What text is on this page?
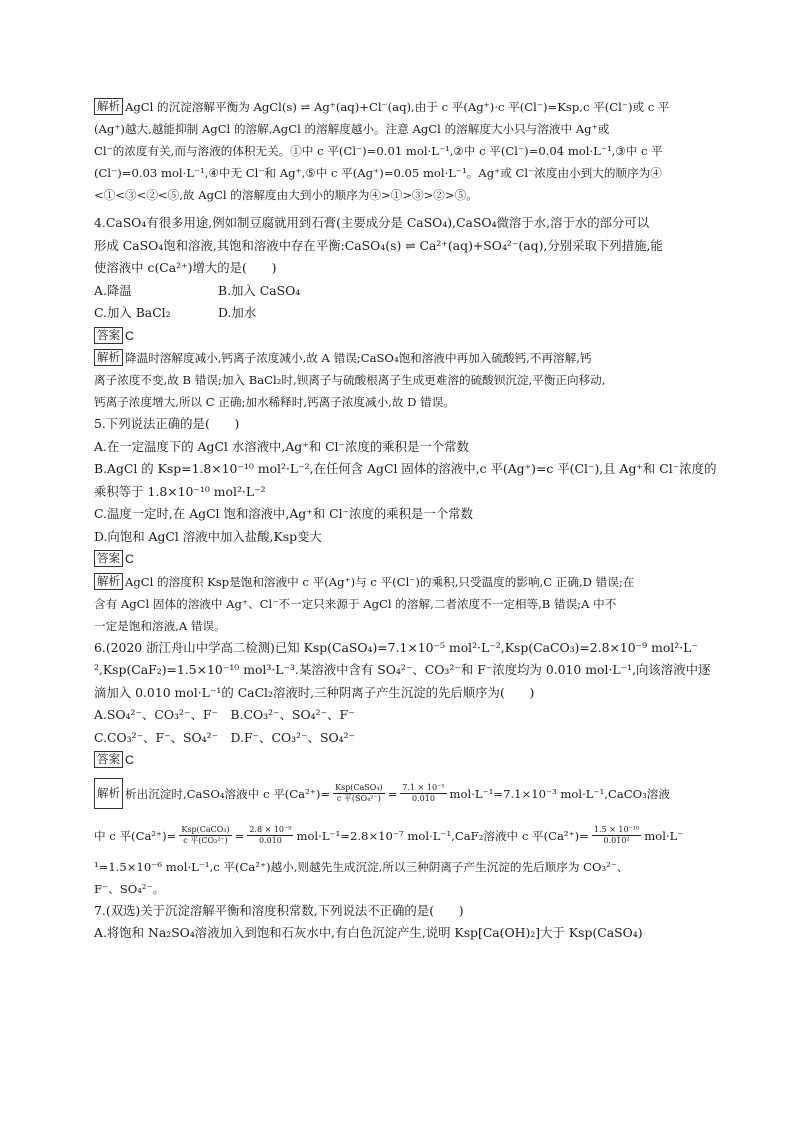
解析 AgCl 的沉淀溶解平衡为 AgCl(s) ⇌ Ag⁺(aq)+Cl⁻(aq),由于 c 平(Ag⁺)·c 平(Cl⁻)=Ksp,c 平(Cl⁻)或 c 平
(Ag⁺)越大,越能抑制 AgCl 的溶解,AgCl 的溶解度越小。注意 AgCl 的溶解度大小只与溶液中 Ag⁺或
Cl⁻的浓度有关,而与溶液的体积无关。①中 c 平(Cl⁻)=0.01 mol·L⁻¹,②中 c 平(Cl⁻)=0.04 mol·L⁻¹,③中 c 平
(Cl⁻)=0.03 mol·L⁻¹,④中无 Cl⁻和 Ag⁺,⑤中 c 平(Ag⁺)=0.05 mol·L⁻¹。Ag⁺或 Cl⁻浓度由小到大的顺序为④
<①<③<②<⑤,故 AgCl 的溶解度由大到小的顺序为④>①>③>②>⑤。
4.CaSO₄有很多用途,例如制豆腐就用到石膏(主要成分是 CaSO₄),CaSO₄微溶于水,溶于水的部分可以
形成 CaSO₄饱和溶液,其饱和溶液中存在平衡:CaSO₄(s) ⇌ Ca²⁺(aq)+SO₄²⁻(aq),分别采取下列措施,能
使溶液中 c(Ca²⁺)增大的是(　　)
A.降温	B.加入 CaSO₄
C.加入 BaCl₂	D.加水
答案 C
解析 降温时溶解度减小,钙离子浓度减小,故 A 错误;CaSO₄饱和溶液中再加入硫酸钙,不再溶解,钙
离子浓度不变,故 B 错误;加入 BaCl₂时,钡离子与硫酸根离子生成更难溶的硫酸钡沉淀,平衡正向移动,
钙离子浓度增大,所以 C 正确;加水稀释时,钙离子浓度减小,故 D 错误。
5.下列说法正确的是(　　)
A.在一定温度下的 AgCl 水溶液中,Ag⁺和 Cl⁻浓度的乘积是一个常数
B.AgCl 的 Ksp=1.8×10⁻¹⁰ mol²·L⁻²,在任何含 AgCl 固体的溶液中,c 平(Ag⁺)=c 平(Cl⁻),且 Ag⁺和 Cl⁻浓度的
乘积等于 1.8×10⁻¹⁰ mol²·L⁻²
C.温度一定时,在 AgCl 饱和溶液中,Ag⁺和 Cl⁻浓度的乘积是一个常数
D.向饱和 AgCl 溶液中加入盐酸,Ksp变大
答案 C
解析 AgCl 的溶度积 Ksp是饱和溶液中 c 平(Ag⁺)与 c 平(Cl⁻)的乘积,只受温度的影响,C 正确,D 错误;在
含有 AgCl 固体的溶液中 Ag⁺、Cl⁻不一定只来源于 AgCl 的溶解,二者浓度不一定相等,B 错误;A 中不
一定是饱和溶液,A 错误。
6.(2020 浙江舟山中学高二检测)已知 Ksp(CaSO₄)=7.1×10⁻⁵ mol²·L⁻²,Ksp(CaCO₃)=2.8×10⁻⁹ mol²·L⁻
²,Ksp(CaF₂)=1.5×10⁻¹⁰ mol³·L⁻³.某溶液中含有 SO₄²⁻、CO₃²⁻和 F⁻浓度均为 0.010 mol·L⁻¹,向该溶液中逐
滴加入 0.010 mol·L⁻¹的 CaCl₂溶液时,三种阴离子产生沉淀的先后顺序为(　　)
A.SO₄²⁻、CO₃²⁻、F⁻　B.CO₃²⁻、SO₄²⁻、F⁻
C.CO₃²⁻、F⁻、SO₄²⁻　D.F⁻、CO₃²⁻、SO₄²⁻
答案 C
解析 析出沉淀时,CaSO₄溶液中 c 平$(Ca^{2+})= \frac{\text{Ksp(CaSO₄)}}{\text{c 平(SO₄²⁻)}} = \frac{\text{7.1 × 10⁻⁵}}{0.010} mol\cdot L^{-1}=7.1\times 10^{-3}$ mol·L⁻¹,CaCO₃溶液
中 c 平$(Ca^{2+})= \frac{\text{Ksp(CaCO₃)}}{\text{c 平(CO₃²⁻)}} = \frac{\text{2.8 × 10⁻⁹}}{0.010} mol\cdot L^{-1}=2.8\times 10^{-7}$ mol·L⁻¹,CaF₂溶液中 c 平$(Ca^{2+})= \frac{\text{1.5 × 10⁻¹⁰}}{\text{0.010²}} mol\cdot L^-$
¹=1.5×10⁻⁶ mol·L⁻¹,c 平(Ca²⁺)越小,则越先生成沉淀,所以三种阴离子产生沉淀的先后顺序为 CO₃²⁻、
F⁻、SO₄²⁻。
7.(双选)关于沉淀溶解平衡和溶度积常数,下列说法不正确的是(　　)
A.将饱和 Na₂SO₄溶液加入到饱和石灰水中,有白色沉淀产生,说明 Ksp[Ca(OH)₂]大于 Ksp(CaSO₄)
